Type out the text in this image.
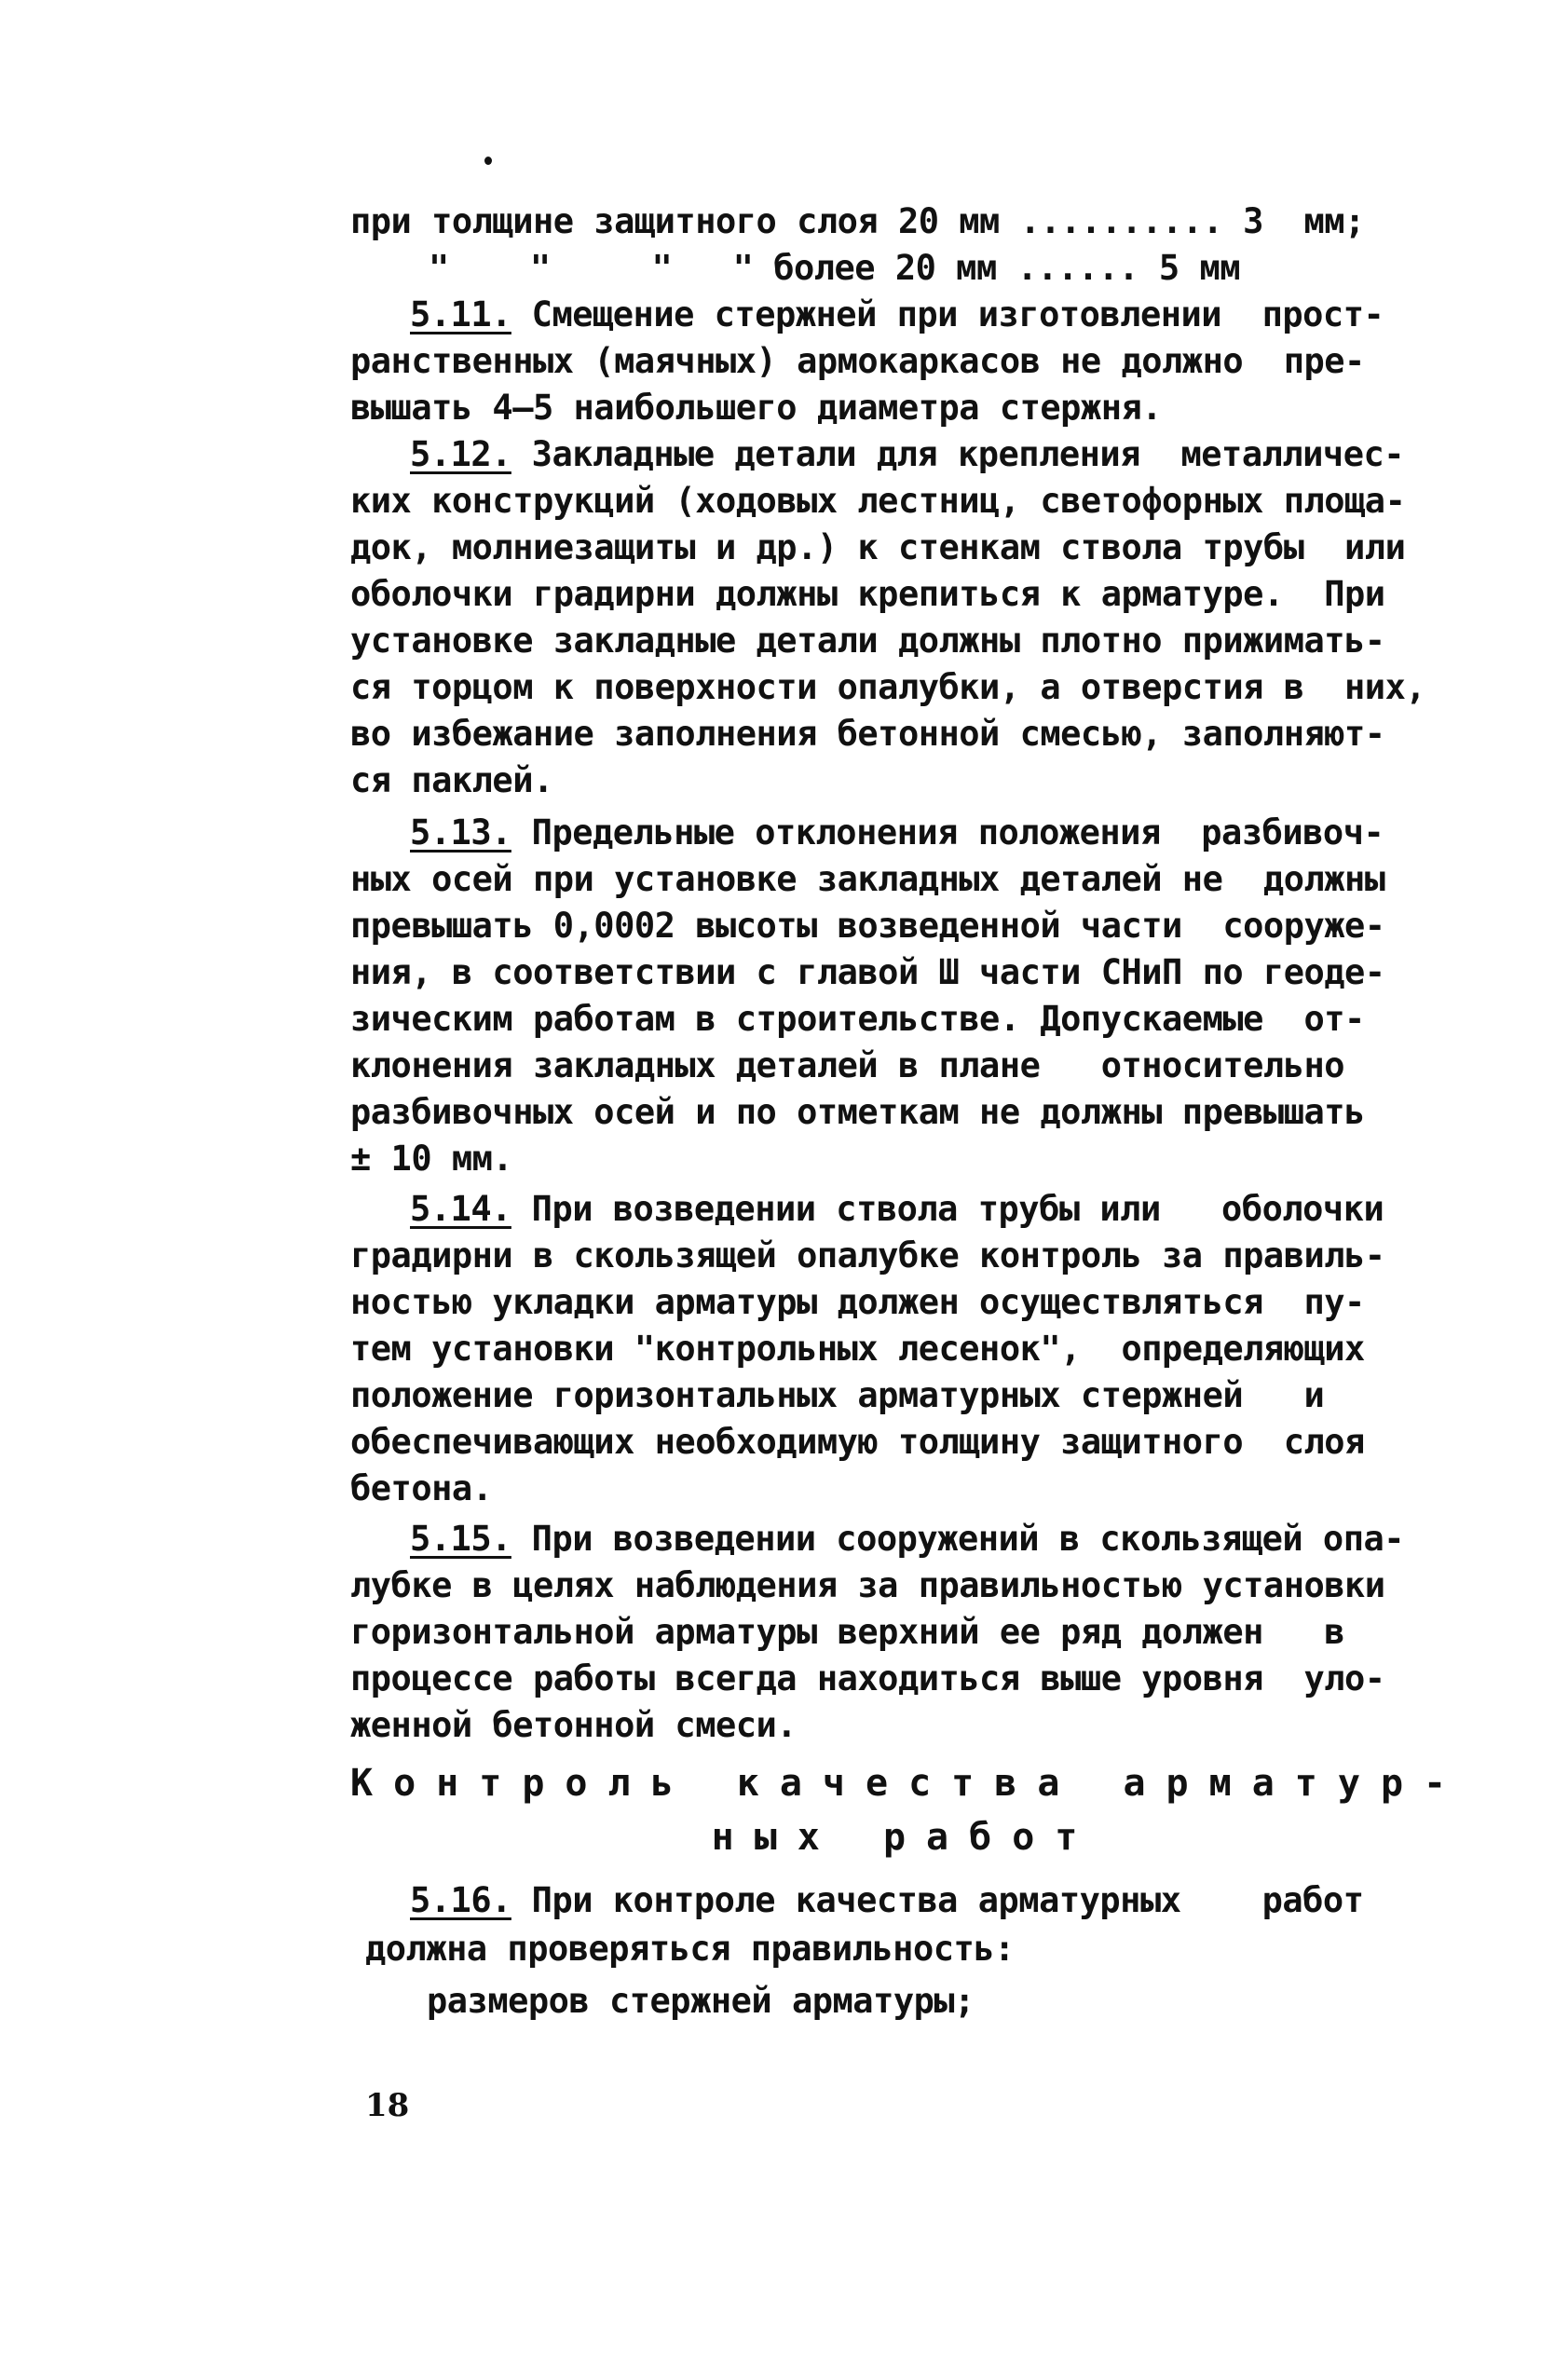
при толщине защитного слоя 20 мм .......... 3  мм;
"    "     "   " более 20 мм ...... 5 мм
5.11. Смещение стержней при изготовлении  прост-
ранственных (маячных) армокаркасов не должно  пре-
вышать 4–5 наибольшего диаметра стержня.
5.12. Закладные детали для крепления  металличес-
ких конструкций (ходовых лестниц, светофорных площа-
док, молниезащиты и др.) к стенкам ствола трубы  или
оболочки градирни должны крепиться к арматуре.  При
установке закладные детали должны плотно прижимать-
ся торцом к поверхности опалубки, а отверстия в  них,
во избежание заполнения бетонной смесью, заполняют-
ся паклей.
5.13. Предельные отклонения положения  разбивоч-
ных осей при установке закладных деталей не  должны
превышать 0,0002 высоты возведенной части  сооруже-
ния, в соответствии с главой Ш части СНиП по геоде-
зическим работам в строительстве. Допускаемые  от-
клонения закладных деталей в плане   относительно
разбивочных осей и по отметкам не должны превышать
± 10 мм.
5.14. При возведении ствола трубы или   оболочки
градирни в скользящей опалубке контроль за правиль-
ностью укладки арматуры должен осуществляться  пу-
тем установки "контрольных лесенок",  определяющих
положение горизонтальных арматурных стержней   и
обеспечивающих необходимую толщину защитного  слоя
бетона.
5.15. При возведении сооружений в скользящей опа-
лубке в целях наблюдения за правильностью установки
горизонтальной арматуры верхний ее ряд должен   в
процессе работы всегда находиться выше уровня  уло-
женной бетонной смеси.
Контроль качества арматур-
ных работ
5.16. При контроле качества арматурных    работ
должна проверяться правильность:
размеров стержней арматуры;
18
